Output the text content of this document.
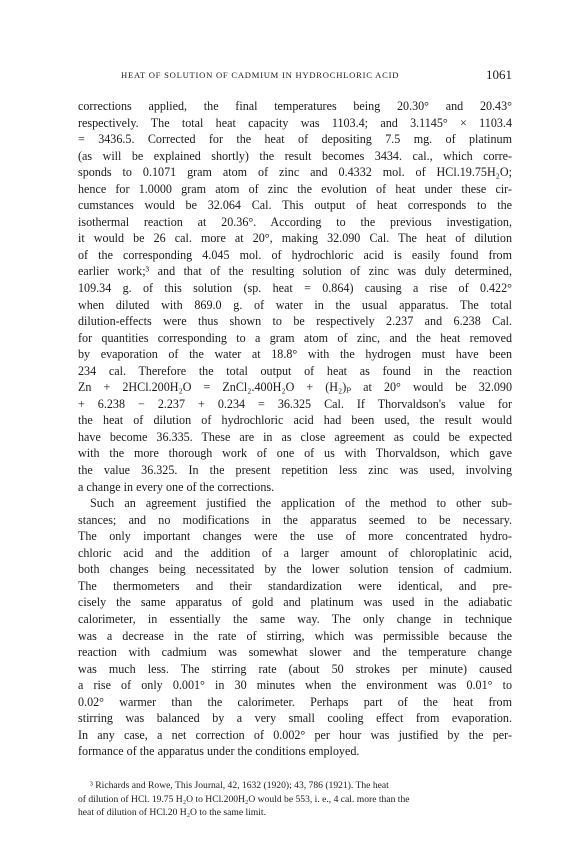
HEAT OF SOLUTION OF CADMIUM IN HYDROCHLORIC ACID	1061
corrections applied, the final temperatures being 20.30° and 20.43°
respectively. The total heat capacity was 1103.4; and 3.1145° × 1103.4
= 3436.5. Corrected for the heat of depositing 7.5 mg. of platinum
(as will be explained shortly) the result becomes 3434. cal., which corre-
sponds to 0.1071 gram atom of zinc and 0.4332 mol. of HCl.19.75H₂O;
hence for 1.0000 gram atom of zinc the evolution of heat under these cir-
cumstances would be 32.064 Cal. This output of heat corresponds to the
isothermal reaction at 20.36°. According to the previous investigation,
it would be 26 cal. more at 20°, making 32.090 Cal. The heat of dilution
of the corresponding 4.045 mol. of hydrochloric acid is easily found from
earlier work;³ and that of the resulting solution of zinc was duly determined,
109.34 g. of this solution (sp. heat = 0.864) causing a rise of 0.422°
when diluted with 869.0 g. of water in the usual apparatus. The total
dilution-effects were thus shown to be respectively 2.237 and 6.238 Cal.
for quantities corresponding to a gram atom of zinc, and the heat removed
by evaporation of the water at 18.8° with the hydrogen must have been
234 cal. Therefore the total output of heat as found in the reaction
Zn + 2HCl.200H₂O = ZnCl₂.400H₂O + (H₂)ₚ at 20° would be 32.090
+ 6.238 − 2.237 + 0.234 = 36.325 Cal. If Thorvaldson's value for
the heat of dilution of hydrochloric acid had been used, the result would
have become 36.335. These are in as close agreement as could be expected
with the more thorough work of one of us with Thorvaldson, which gave
the value 36.325. In the present repetition less zinc was used, involving
a change in every one of the corrections.
Such an agreement justified the application of the method to other sub-
stances; and no modifications in the apparatus seemed to be necessary.
The only important changes were the use of more concentrated hydro-
chloric acid and the addition of a larger amount of chloroplatinic acid,
both changes being necessitated by the lower solution tension of cadmium.
The thermometers and their standardization were identical, and pre-
cisely the same apparatus of gold and platinum was used in the adiabatic
calorimeter, in essentially the same way. The only change in technique
was a decrease in the rate of stirring, which was permissible because the
reaction with cadmium was somewhat slower and the temperature change
was much less. The stirring rate (about 50 strokes per minute) caused
a rise of only 0.001° in 30 minutes when the environment was 0.01° to
0.02° warmer than the calorimeter. Perhaps part of the heat from
stirring was balanced by a very small cooling effect from evaporation.
In any case, a net correction of 0.002° per hour was justified by the per-
formance of the apparatus under the conditions employed.
³ Richards and Rowe, This Journal, 42, 1632 (1920); 43, 786 (1921). The heat
of dilution of HCl. 19.75 H₂O to HCl.200H₂O would be 553, i. e., 4 cal. more than the
heat of dilution of HCl.20 H₂O to the same limit.
